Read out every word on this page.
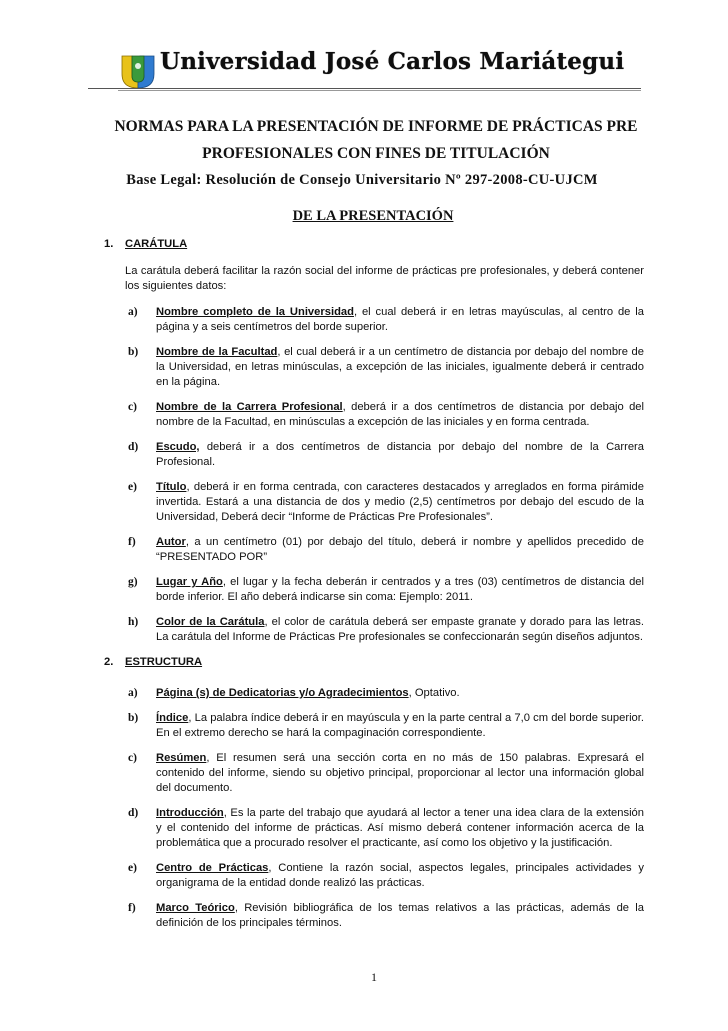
Universidad José Carlos Mariátegui
NORMAS PARA LA PRESENTACIÓN DE INFORME DE PRÁCTICAS PRE
PROFESIONALES CON FINES DE TITULACIÓN
Base Legal: Resolución de Consejo Universitario Nº 297-2008-CU-UJCM
DE LA PRESENTACIÓN
1.	CARÁTULA
La carátula deberá facilitar la razón social del informe de prácticas pre profesionales, y deberá contener los siguientes datos:
a)	Nombre completo de la Universidad, el cual deberá ir en letras mayúsculas, al centro de la página y a seis centímetros del borde superior.
b)	Nombre de la Facultad, el cual deberá ir a un centímetro de distancia por debajo del nombre de la Universidad, en letras minúsculas, a excepción de las iniciales, igualmente deberá ir centrado en la página.
c)	Nombre de la Carrera Profesional, deberá ir a dos centímetros de distancia por debajo del nombre de la Facultad, en minúsculas a excepción de las iniciales y en forma centrada.
d)	Escudo, deberá ir a dos centímetros de distancia por debajo del nombre de la Carrera Profesional.
e)	Título, deberá ir en forma centrada, con caracteres destacados y arreglados en forma pirámide invertida. Estará a una distancia de dos y medio (2,5) centímetros por debajo del escudo de la Universidad, Deberá decir “Informe de Prácticas Pre Profesionales”.
f)	Autor, a un centímetro (01) por debajo del título, deberá ir nombre y apellidos precedido de “PRESENTADO POR”
g)	Lugar y Año, el lugar y la fecha deberán ir centrados y a tres (03) centímetros de distancia del borde inferior. El año deberá indicarse sin coma: Ejemplo: 2011.
h)	Color de la Carátula, el color de carátula deberá ser empaste granate y dorado para las letras. La carátula del Informe de Prácticas Pre profesionales se confeccionarán según diseños adjuntos.
2.	ESTRUCTURA
a)	Página (s) de Dedicatorias y/o Agradecimientos, Optativo.
b)	Índice, La palabra índice deberá ir en mayúscula y en la parte central a 7,0 cm del borde superior. En el extremo derecho se hará la compaginación correspondiente.
c)	Resúmen, El resumen será una sección corta en no más de 150 palabras. Expresará el contenido del informe, siendo su objetivo principal, proporcionar al lector una información global del documento.
d)	Introducción, Es la parte del trabajo que ayudará al lector a tener una idea clara de la extensión y el contenido del informe de prácticas. Así mismo deberá contener información acerca de la problemática que a procurado resolver el practicante, así como los objetivo y la justificación.
e)	Centro de Prácticas, Contiene la razón social, aspectos legales, principales actividades y organigrama de la entidad donde realizó las prácticas.
f)	Marco Teórico, Revisión bibliográfica de los temas relativos a las prácticas, además de la definición de los principales términos.
1
